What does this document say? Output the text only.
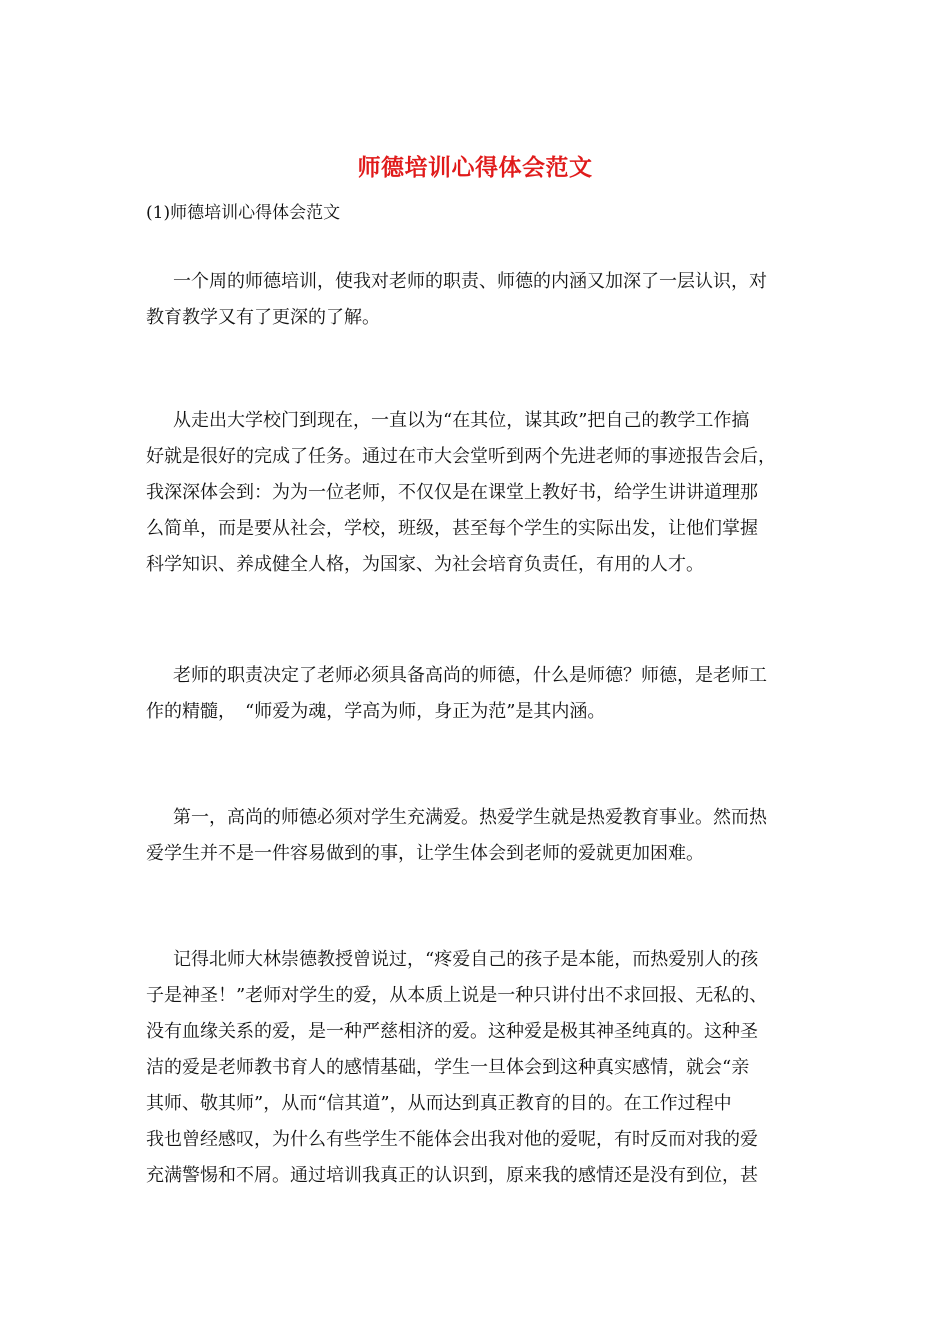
师德培训心得体会范文
(1)师德培训心得体会范文
一个周的师德培训，使我对老师的职责、师德的内涵又加深了一层认识，对
教育教学又有了更深的了解。
从走出大学校门到现在，一直以为“在其位，谋其政”把自己的教学工作搞
好就是很好的完成了任务。通过在市大会堂听到两个先进老师的事迹报告会后，
我深深体会到：为为一位老师，不仅仅是在课堂上教好书，给学生讲讲道理那
么简单，而是要从社会，学校，班级，甚至每个学生的实际出发，让他们掌握
科学知识、养成健全人格，为国家、为社会培育负责任，有用的人才。
老师的职责决定了老师必须具备高尚的师德，什么是师德？师德，是老师工
作的精髓，　“师爱为魂，学高为师，身正为范”是其内涵。
第一，高尚的师德必须对学生充满爱。热爱学生就是热爱教育事业。然而热
爱学生并不是一件容易做到的事，让学生体会到老师的爱就更加困难。
记得北师大林崇德教授曾说过，“疼爱自己的孩子是本能，而热爱别人的孩
子是神圣！”老师对学生的爱，从本质上说是一种只讲付出不求回报、无私的、
没有血缘关系的爱，是一种严慈相济的爱。这种爱是极其神圣纯真的。这种圣
洁的爱是老师教书育人的感情基础，学生一旦体会到这种真实感情，就会“亲
其师、敬其师”，从而“信其道”，从而达到真正教育的目的。在工作过程中
我也曾经感叹，为什么有些学生不能体会出我对他的爱呢，有时反而对我的爱
充满警惕和不屑。通过培训我真正的认识到，原来我的感情还是没有到位，甚
